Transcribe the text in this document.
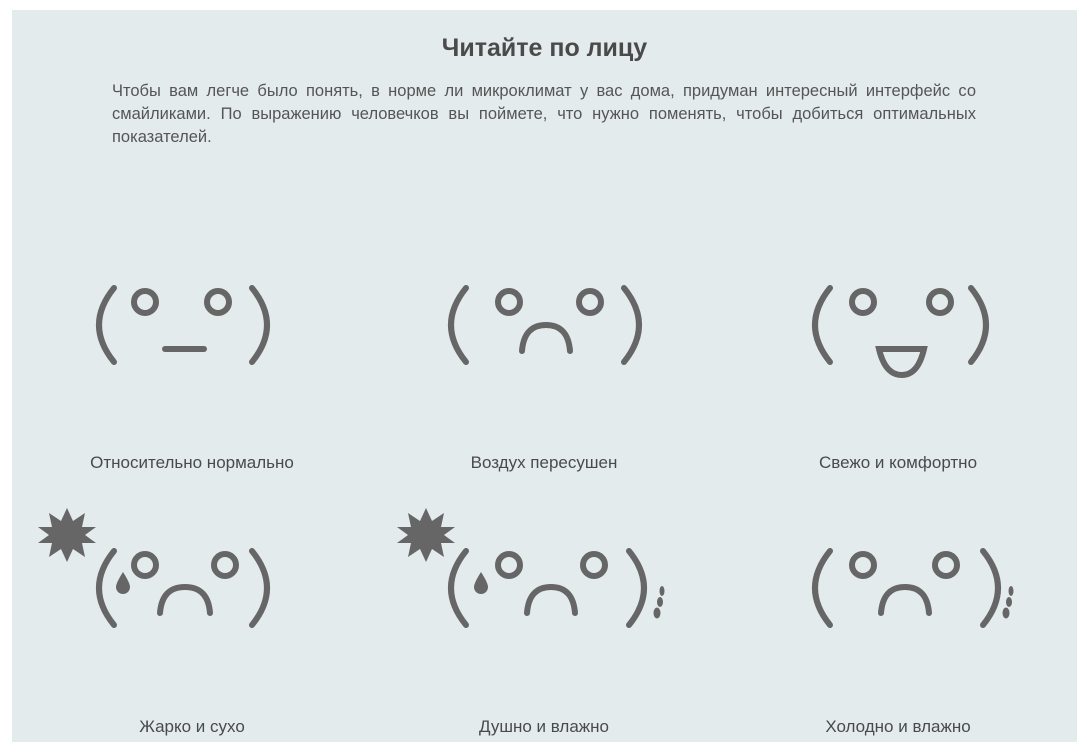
Читайте по лицу

Чтобы вам легче было понять, в норме ли микроклимат у вас дома, придуман интересный интерфейс со смайликами. По выражению человечков вы поймете, что нужно поменять, чтобы добиться оптимальных показателей.

Относительно нормально	Воздух пересушен	Свежо и комфортно
Жарко и сухо	Душно и влажно	Холодно и влажно
